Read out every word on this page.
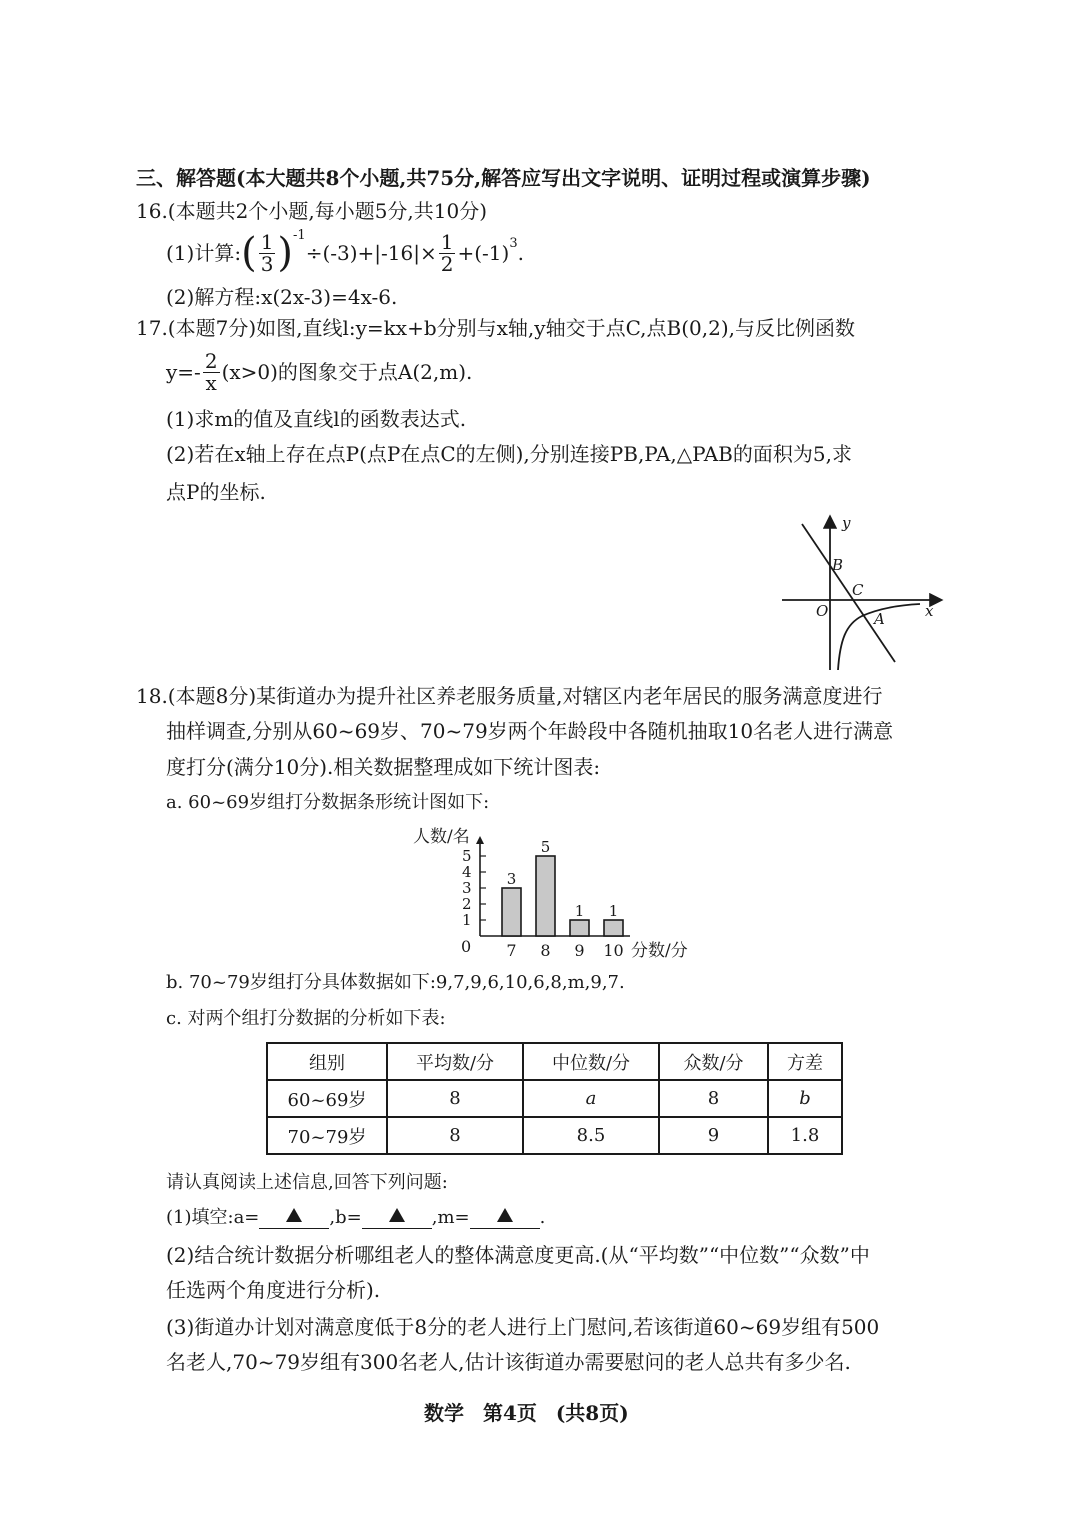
三、解答题(本大题共8个小题,共75分,解答应写出文字说明、证明过程或演算步骤)
16.(本题共2个小题,每小题5分,共10分)
(1)计算: ( $\frac{1}{3}$ ) -1
$\div(-3)+|-16|\times \frac{1}{2} +(-1)$ 3 .
(2)解方程:x(2x-3)=4x-6.
17.(本题7分)如图,直线l:y=kx+b分别与x轴,y轴交于点C,点B(0,2),与反比例函数
$y=- \frac{2}{x} (x>0)$的图象交于点A(2,m).
(1)求m的值及直线l的函数表达式.
(2)若在x轴上存在点P(点P在点C的左侧),分别连接PB,PA,△PAB的面积为5,求
点P的坐标.
y
x
O
B
C
A
18.(本题8分)某街道办为提升社区养老服务质量,对辖区内老年居民的服务满意度进行
抽样调查,分别从60~69岁、70~79岁两个年龄段中各随机抽取10名老人进行满意
度打分(满分10分).相关数据整理成如下统计图表:
a. 60~69岁组打分数据条形统计图如下:
人数/名
分数/分
0
1
2
3
4
5
3
7
5
8
1
9
1
10
b. 70~79岁组打分具体数据如下:9,7,9,6,10,6,8,m,9,7.
c. 对两个组打分数据的分析如下表:
组别	平均数/分	中位数/分	众数/分	方差
60~69岁	8	a	8	b
70~79岁	8	8.5	9	1.8
请认真阅读上述信息,回答下列问题:
(1)填空: a=	,b=	,m=	.
(2)结合统计数据分析哪组老人的整体满意度更高.(从“平均数”“中位数”“众数”中
任选两个角度进行分析).
(3)街道办计划对满意度低于8分的老人进行上门慰问,若该街道60~69岁组有500
名老人,70~79岁组有300名老人,估计该街道办需要慰问的老人总共有多少名.
数学 第4页 (共8页)
